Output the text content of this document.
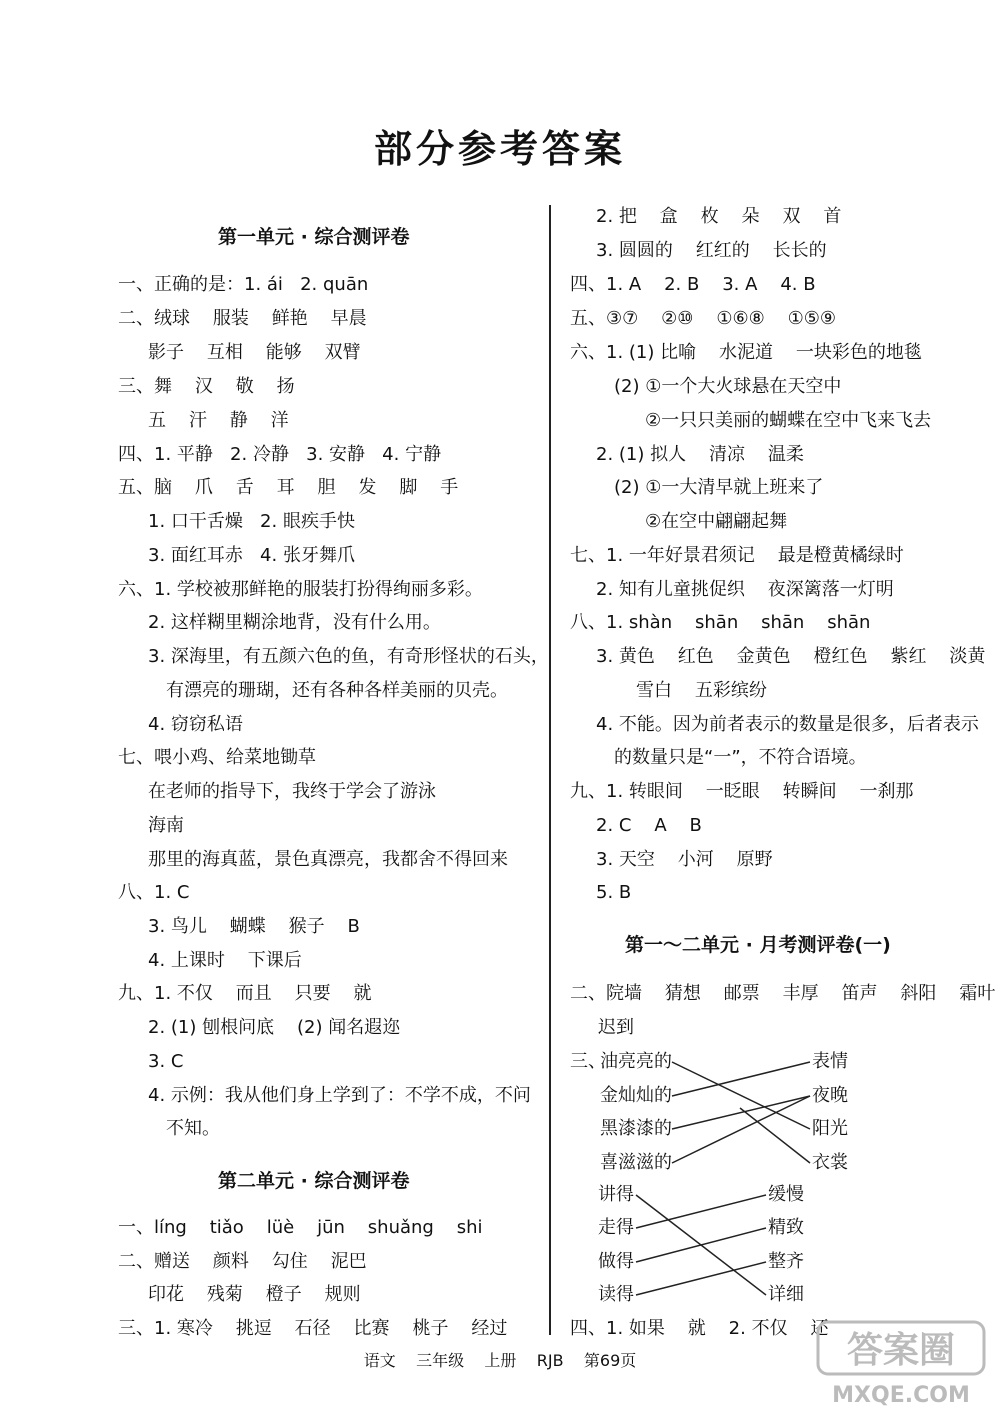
部分参考答案
第一单元 · 综合测评卷
一、正确的是：1. ái   2. quān
二、绒球    服装    鲜艳    早晨
影子    互相    能够    双臂
三、舞    汉    敬    扬
五    汗    静    洋
四、1. 平静   2. 冷静   3. 安静   4. 宁静
五、脑    爪    舌    耳    胆    发    脚    手
1. 口干舌燥   2. 眼疾手快
3. 面红耳赤   4. 张牙舞爪
六、1. 学校被那鲜艳的服装打扮得绚丽多彩。
2. 这样糊里糊涂地背，没有什么用。
3. 深海里，有五颜六色的鱼，有奇形怪状的石头，
有漂亮的珊瑚，还有各种各样美丽的贝壳。
4. 窃窃私语
七、喂小鸡、给菜地锄草
在老师的指导下，我终于学会了游泳
海南
那里的海真蓝，景色真漂亮，我都舍不得回来
八、1. C
3. 鸟儿    蝴蝶    猴子    B
4. 上课时    下课后
九、1. 不仅    而且    只要    就
2. (1) 刨根问底    (2) 闻名遐迩
3. C
4. 示例：我从他们身上学到了：不学不成，不问
不知。
第二单元 · 综合测评卷
一、líng    tiǎo    lüè    jūn    shuǎng    shi
二、赠送    颜料    勾住    泥巴
印花    残菊    橙子    规则
三、1. 寒冷    挑逗    石径    比赛    桃子    经过
2. 把    盒    枚    朵    双    首
3. 圆圆的    红红的    长长的
四、1. A    2. B    3. A    4. B
五、③⑦    ②⑩    ①⑥⑧    ①⑤⑨
六、1. (1) 比喻    水泥道    一块彩色的地毯
(2) ①一个大火球悬在天空中
②一只只美丽的蝴蝶在空中飞来飞去
2. (1) 拟人    清凉    温柔
(2) ①一大清早就上班来了
②在空中翩翩起舞
七、1. 一年好景君须记    最是橙黄橘绿时
2. 知有儿童挑促织    夜深篱落一灯明
八、1. shàn    shān    shān    shān
3. 黄色    红色    金黄色    橙红色    紫红    淡黄
雪白    五彩缤纷
4. 不能。因为前者表示的数量是很多，后者表示
的数量只是“一”，不符合语境。
九、1. 转眼间    一眨眼    转瞬间    一刹那
2. C    A    B
3. 天空    小河    原野
5. B
第一～二单元 · 月考测评卷(一)
二、院墙    猜想    邮票    丰厚    笛声    斜阳    霜叶
迟到
三、
油亮亮的
金灿灿的
黑漆漆的
喜滋滋的
表情
夜晚
阳光
衣裳
讲得
走得
做得
读得
缓慢
精致
整齐
详细
四、1. 如果    就    2. 不仅    还
语文    三年级    上册    RJB    第69页	答案圈
MXQE.COM
